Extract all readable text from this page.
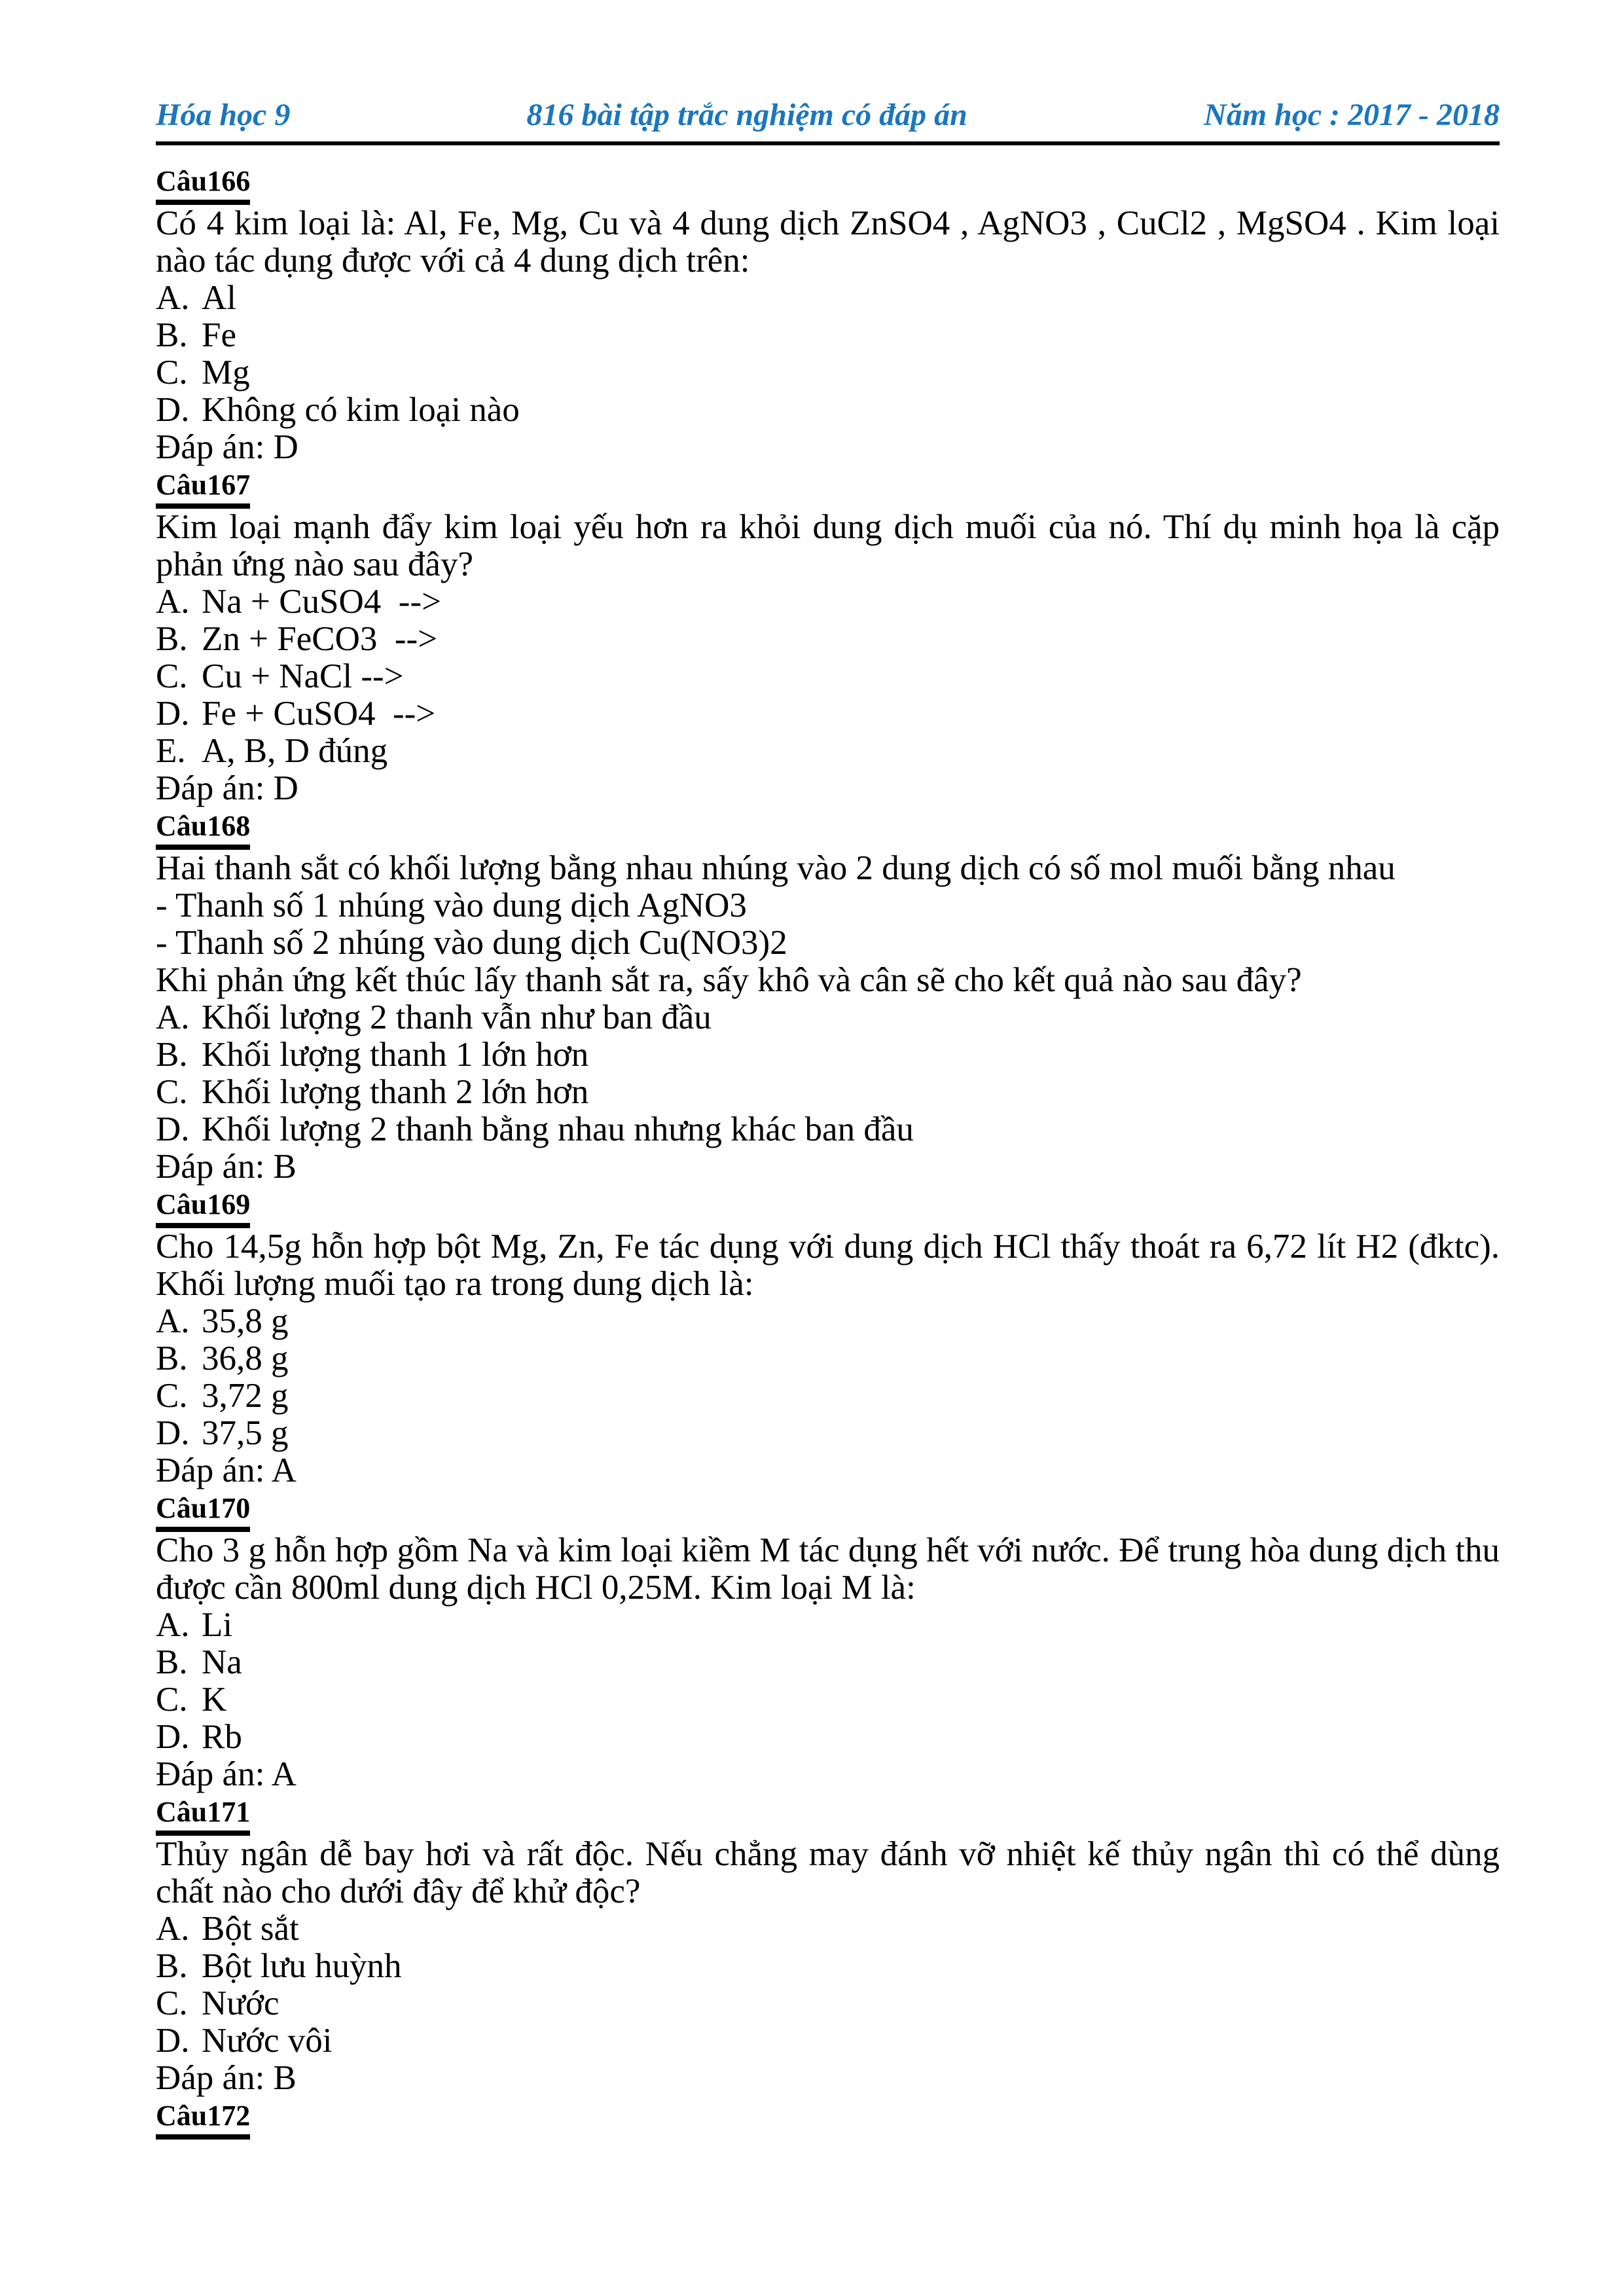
Hóa học 9	816 bài tập trắc nghiệm có đáp án	Năm học : 2017 - 2018
Câu166

Có 4 kim loại là: Al, Fe, Mg, Cu và 4 dung dịch ZnSO4 , AgNO3 , CuCl2 , MgSO4 . Kim loại nào tác dụng được với cả 4 dung dịch trên:

A. Al
B. Fe
C. Mg
D. Không có kim loại nào

Đáp án: D

Câu167

Kim loại mạnh đẩy kim loại yếu hơn ra khỏi dung dịch muối của nó. Thí dụ minh họa là cặp phản ứng nào sau đây?

A. Na + CuSO4  -->
B. Zn + FeCO3  -->
C. Cu + NaCl -->
D. Fe + CuSO4  -->
E. A, B, D đúng

Đáp án: D

Câu168

Hai thanh sắt có khối lượng bằng nhau nhúng vào 2 dung dịch có số mol muối bằng nhau

- Thanh số 1 nhúng vào dung dịch AgNO3

- Thanh số 2 nhúng vào dung dịch Cu(NO3)2

Khi phản ứng kết thúc lấy thanh sắt ra, sấy khô và cân sẽ cho kết quả nào sau đây?

A. Khối lượng 2 thanh vẫn như ban đầu
B. Khối lượng thanh 1 lớn hơn
C. Khối lượng thanh 2 lớn hơn
D. Khối lượng 2 thanh bằng nhau nhưng khác ban đầu

Đáp án: B

Câu169

Cho 14,5g hỗn hợp bột Mg, Zn, Fe tác dụng với dung dịch HCl thấy thoát ra 6,72 lít H2 (đktc). Khối lượng muối tạo ra trong dung dịch là:

A. 35,8 g
B. 36,8 g
C. 3,72 g
D. 37,5 g

Đáp án: A

Câu170

Cho 3 g hỗn hợp gồm Na và kim loại kiềm M tác dụng hết với nước. Để trung hòa dung dịch thu được cần 800ml dung dịch HCl 0,25M. Kim loại M là:

A. Li
B. Na
C. K
D. Rb

Đáp án: A

Câu171

Thủy ngân dễ bay hơi và rất độc. Nếu chẳng may đánh vỡ nhiệt kế thủy ngân thì có thể dùng chất nào cho dưới đây để khử độc?

A. Bột sắt
B. Bột lưu huỳnh
C. Nước
D. Nước vôi

Đáp án: B

Câu172
